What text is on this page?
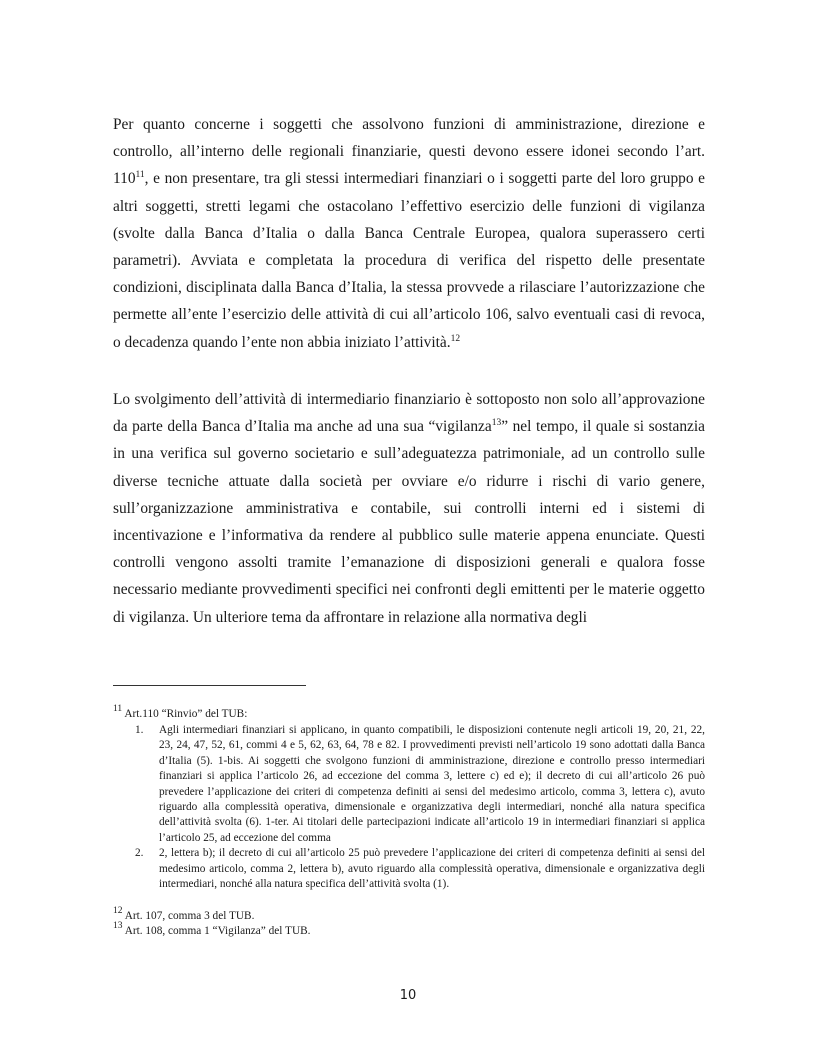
Per quanto concerne i soggetti che assolvono funzioni di amministrazione, direzione e controllo, all’interno delle regionali finanziarie, questi devono essere idonei secondo l’art. $110^{11}$, e non presentare, tra gli stessi intermediari finanziari o i soggetti parte del loro gruppo e altri soggetti, stretti legami che ostacolano l’effettivo esercizio delle funzioni di vigilanza (svolte dalla Banca d’Italia o dalla Banca Centrale Europea, qualora superassero certi parametri). Avviata e completata la procedura di verifica del rispetto delle presentate condizioni, disciplinata dalla Banca d’Italia, la stessa provvede a rilasciare l’autorizzazione che permette all’ente l’esercizio delle attività di cui all’articolo 106, salvo eventuali casi di revoca, o decadenza quando l’ente non abbia iniziato l’attività.$^{12}$

Lo svolgimento dell’attività di intermediario finanziario è sottoposto non solo all’approvazione da parte della Banca d’Italia ma anche ad una sua “vigilanza$^{13}$” nel tempo, il quale si sostanzia in una verifica sul governo societario e sull’adeguatezza patrimoniale, ad un controllo sulle diverse tecniche attuate dalla società per ovviare e/o ridurre i rischi di vario genere, sull’organizzazione amministrativa e contabile, sui controlli interni ed i sistemi di incentivazione e l’informativa da rendere al pubblico sulle materie appena enunciate. Questi controlli vengono assolti tramite l’emanazione di disposizioni generali e qualora fosse necessario mediante provvedimenti specifici nei confronti degli emittenti per le materie oggetto di vigilanza. Un ulteriore tema da affrontare in relazione alla normativa degli

$^{11}$ Art.110 “Rinvio” del TUB:

1. Agli intermediari finanziari si applicano, in quanto compatibili, le disposizioni contenute negli articoli 19, 20, 21, 22, 23, 24, 47, 52, 61, commi 4 e 5, 62, 63, 64, 78 e 82. I provvedimenti previsti nell’articolo 19 sono adottati dalla Banca d’Italia (5). 1-bis. Ai soggetti che svolgono funzioni di amministrazione, direzione e controllo presso intermediari finanziari si applica l’articolo 26, ad eccezione del comma 3, lettere c) ed e); il decreto di cui all’articolo 26 può prevedere l’applicazione dei criteri di competenza definiti ai sensi del medesimo articolo, comma 3, lettera c), avuto riguardo alla complessità operativa, dimensionale e organizzativa degli intermediari, nonché alla natura specifica dell’attività svolta (6). 1-ter. Ai titolari delle partecipazioni indicate all’articolo 19 in intermediari finanziari si applica l’articolo 25, ad eccezione del comma
2. 2, lettera b); il decreto di cui all’articolo 25 può prevedere l’applicazione dei criteri di competenza definiti ai sensi del medesimo articolo, comma 2, lettera b), avuto riguardo alla complessità operativa, dimensionale e organizzativa degli intermediari, nonché alla natura specifica dell’attività svolta (1).

$^{12}$ Art. 107, comma 3 del TUB.

$^{13}$ Art. 108, comma 1 “Vigilanza” del TUB.

10
